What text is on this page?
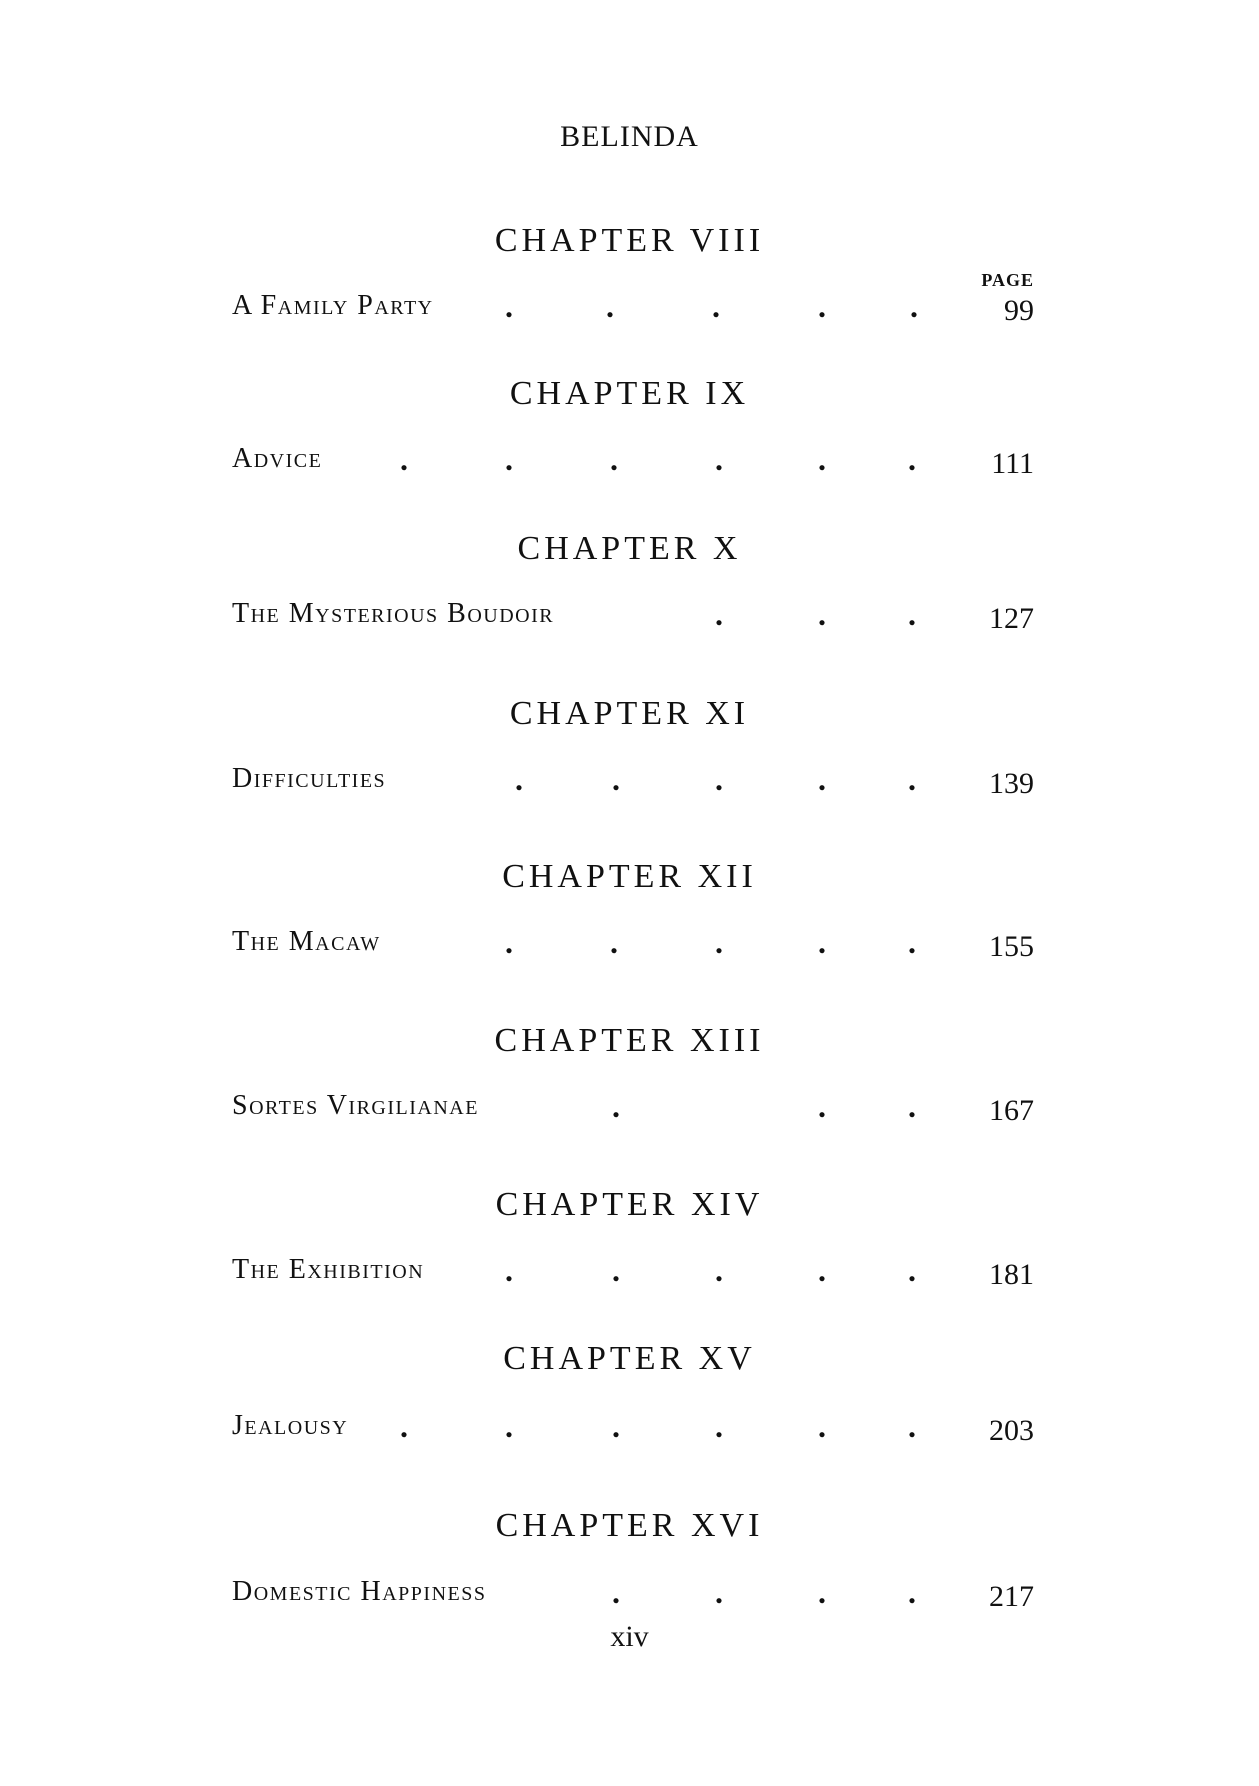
BELINDA
PAGE
CHAPTER VIII
A Family Party .	.	.	.	.	99
CHAPTER IX
Advice .	.	.	.	.	.	111
CHAPTER X
The Mysterious Boudoir	.	.	. 127
CHAPTER XI
Difficulties	.	.	.	.	. 139
CHAPTER XII
The Macaw	.	.	.	.	. 155
CHAPTER XIII
Sortes Virgilianae	.	.	. 167
CHAPTER XIV
The Exhibition	.	.	.	.	. 181
CHAPTER XV
Jealousy .	.	.	.	.	. 203
CHAPTER XVI
Domestic Happiness	.	.	.	. 217
xiv
